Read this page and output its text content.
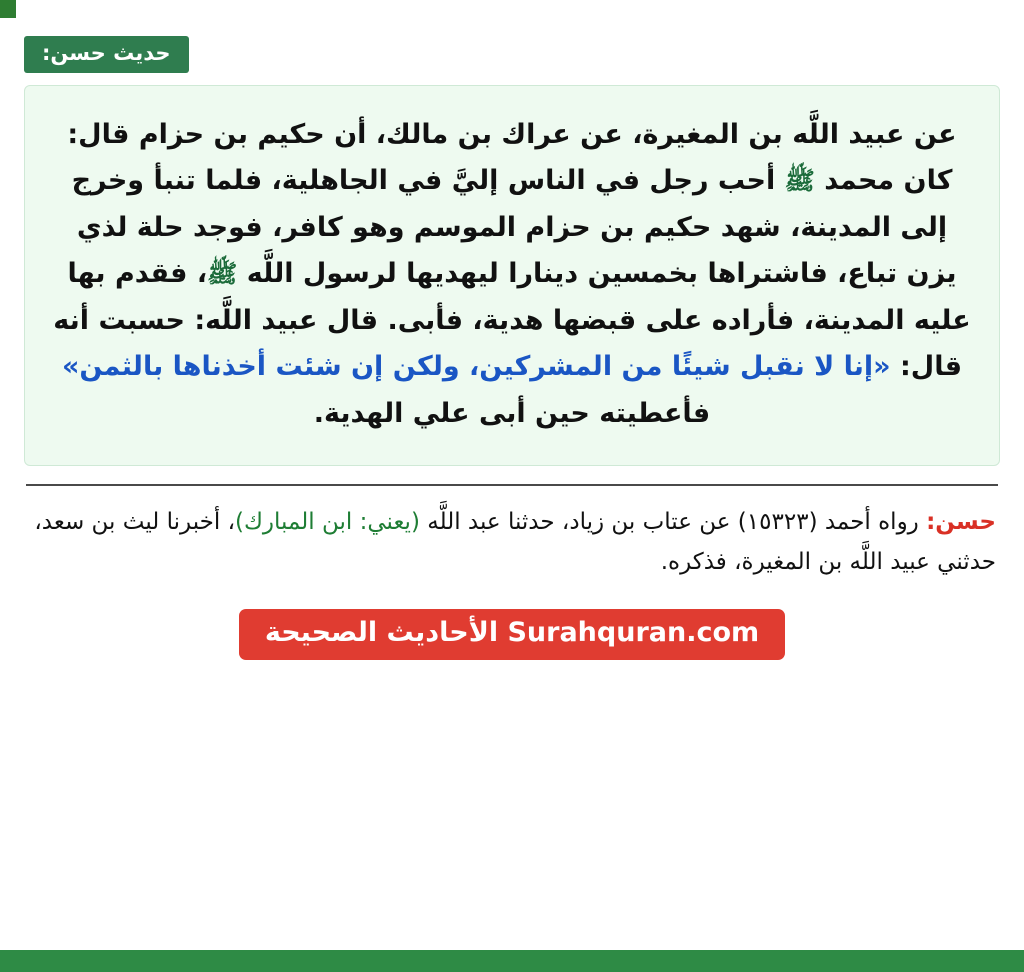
حديث حسن:

عن عبيد اللَّه بن المغيرة، عن عراك بن مالك، أن حكيم بن حزام قال: كان محمد ﷺ أحب رجل في الناس إليَّ في الجاهلية، فلما تنبأ وخرج إلى المدينة، شهد حكيم بن حزام الموسم وهو كافر، فوجد حلة لذي يزن تباع، فاشتراها بخمسين دينارا ليهديها لرسول اللَّه ﷺ، فقدم بها عليه المدينة، فأراده على قبضها هدية، فأبى. قال عبيد اللَّه: حسبت أنه قال: «إنا لا نقبل شيئًا من المشركين، ولكن إن شئت أخذناها بالثمن» فأعطيته حين أبى علي الهدية.

حسن: رواه أحمد (١٥٣٢٣) عن عتاب بن زياد، حدثنا عبد اللَّه (يعني: ابن المبارك)، أخبرنا ليث بن سعد، حدثني عبيد اللَّه بن المغيرة، فذكره.

Surahquran.com الأحاديث الصحيحة
